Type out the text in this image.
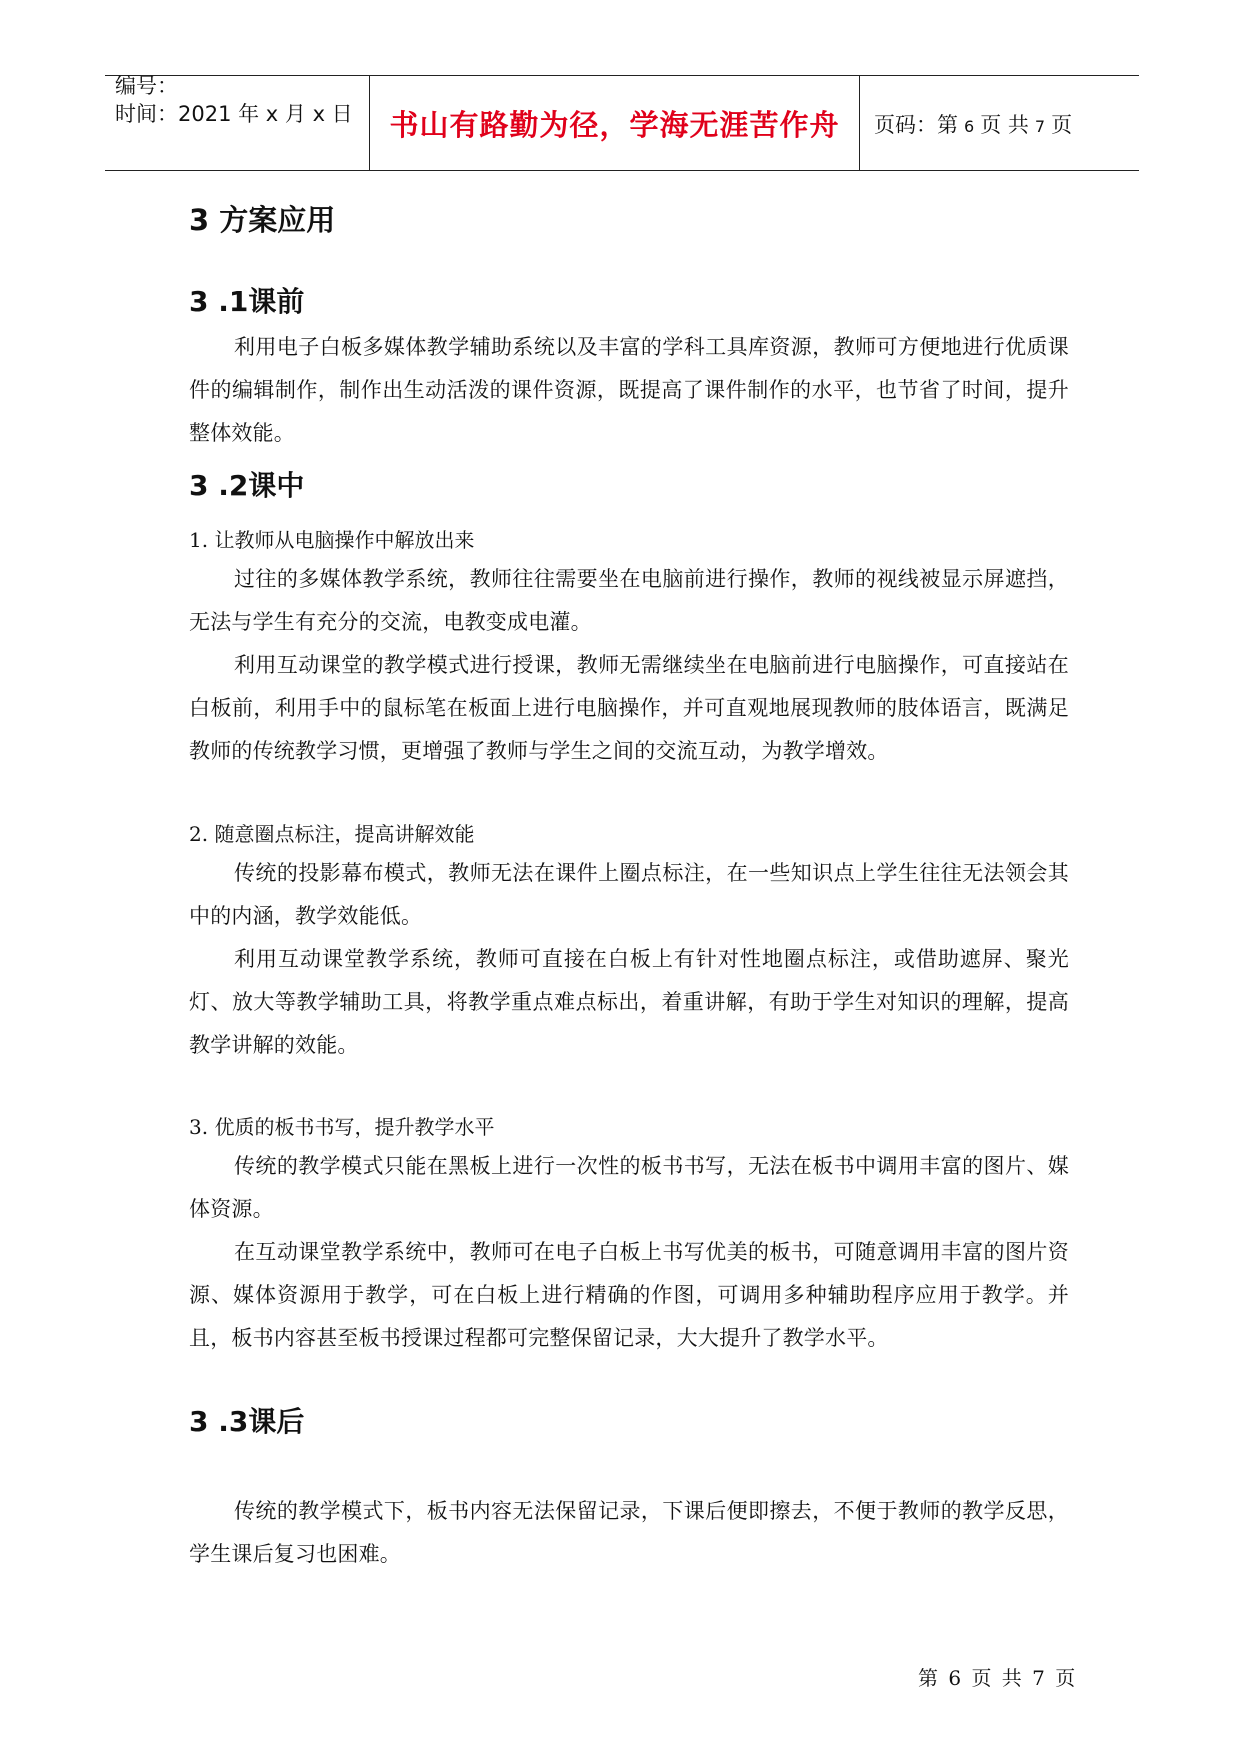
编号：
时间：2021 年 x 月 x 日	书山有路勤为径，学海无涯苦作舟	页码：第 6 页 共 7 页
3 方案应用
3 .1课前
利用电子白板多媒体教学辅助系统以及丰富的学科工具库资源，教师可方便地进行优质课件的编辑制作，制作出生动活泼的课件资源，既提高了课件制作的水平，也节省了时间，提升整体效能。
3 .2课中
1. 让教师从电脑操作中解放出来
过往的多媒体教学系统，教师往往需要坐在电脑前进行操作，教师的视线被显示屏遮挡，无法与学生有充分的交流，电教变成电灌。
利用互动课堂的教学模式进行授课，教师无需继续坐在电脑前进行电脑操作，可直接站在白板前，利用手中的鼠标笔在板面上进行电脑操作，并可直观地展现教师的肢体语言，既满足教师的传统教学习惯，更增强了教师与学生之间的交流互动，为教学增效。
2. 随意圈点标注，提高讲解效能
传统的投影幕布模式，教师无法在课件上圈点标注，在一些知识点上学生往往无法领会其中的内涵，教学效能低。
利用互动课堂教学系统，教师可直接在白板上有针对性地圈点标注，或借助遮屏、聚光灯、放大等教学辅助工具，将教学重点难点标出，着重讲解，有助于学生对知识的理解，提高教学讲解的效能。
3. 优质的板书书写，提升教学水平
传统的教学模式只能在黑板上进行一次性的板书书写，无法在板书中调用丰富的图片、媒体资源。
在互动课堂教学系统中，教师可在电子白板上书写优美的板书，可随意调用丰富的图片资源、媒体资源用于教学，可在白板上进行精确的作图，可调用多种辅助程序应用于教学。并且，板书内容甚至板书授课过程都可完整保留记录，大大提升了教学水平。
3 .3课后
传统的教学模式下，板书内容无法保留记录，下课后便即擦去，不便于教师的教学反思，学生课后复习也困难。
第 6 页 共 7 页
